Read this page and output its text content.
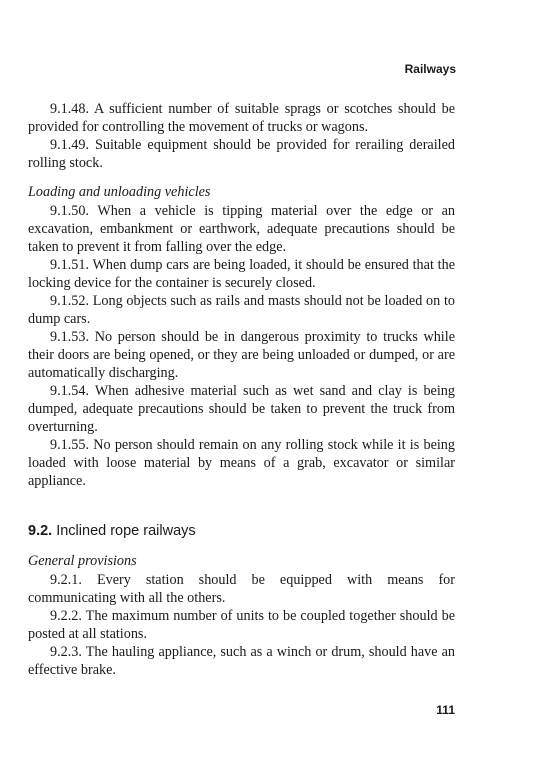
Railways

9.1.48. A sufficient number of suitable sprags or scotches should be provided for controlling the movement of trucks or wagons.

9.1.49. Suitable equipment should be provided for rerailing derailed rolling stock.

Loading and unloading vehicles

9.1.50. When a vehicle is tipping material over the edge or an excavation, embankment or earthwork, adequate precautions should be taken to prevent it from falling over the edge.

9.1.51. When dump cars are being loaded, it should be ensured that the locking device for the container is securely closed.

9.1.52. Long objects such as rails and masts should not be loaded on to dump cars.

9.1.53. No person should be in dangerous proximity to trucks while their doors are being opened, or they are being unloaded or dumped, or are automatically discharging.

9.1.54. When adhesive material such as wet sand and clay is being dumped, adequate precautions should be taken to prevent the truck from overturning.

9.1.55. No person should remain on any rolling stock while it is being loaded with loose material by means of a grab, excavator or similar appliance.

9.2. Inclined rope railways
General provisions

9.2.1. Every station should be equipped with means for communicating with all the others.

9.2.2. The maximum number of units to be coupled together should be posted at all stations.

9.2.3. The hauling appliance, such as a winch or drum, should have an effective brake.

111
